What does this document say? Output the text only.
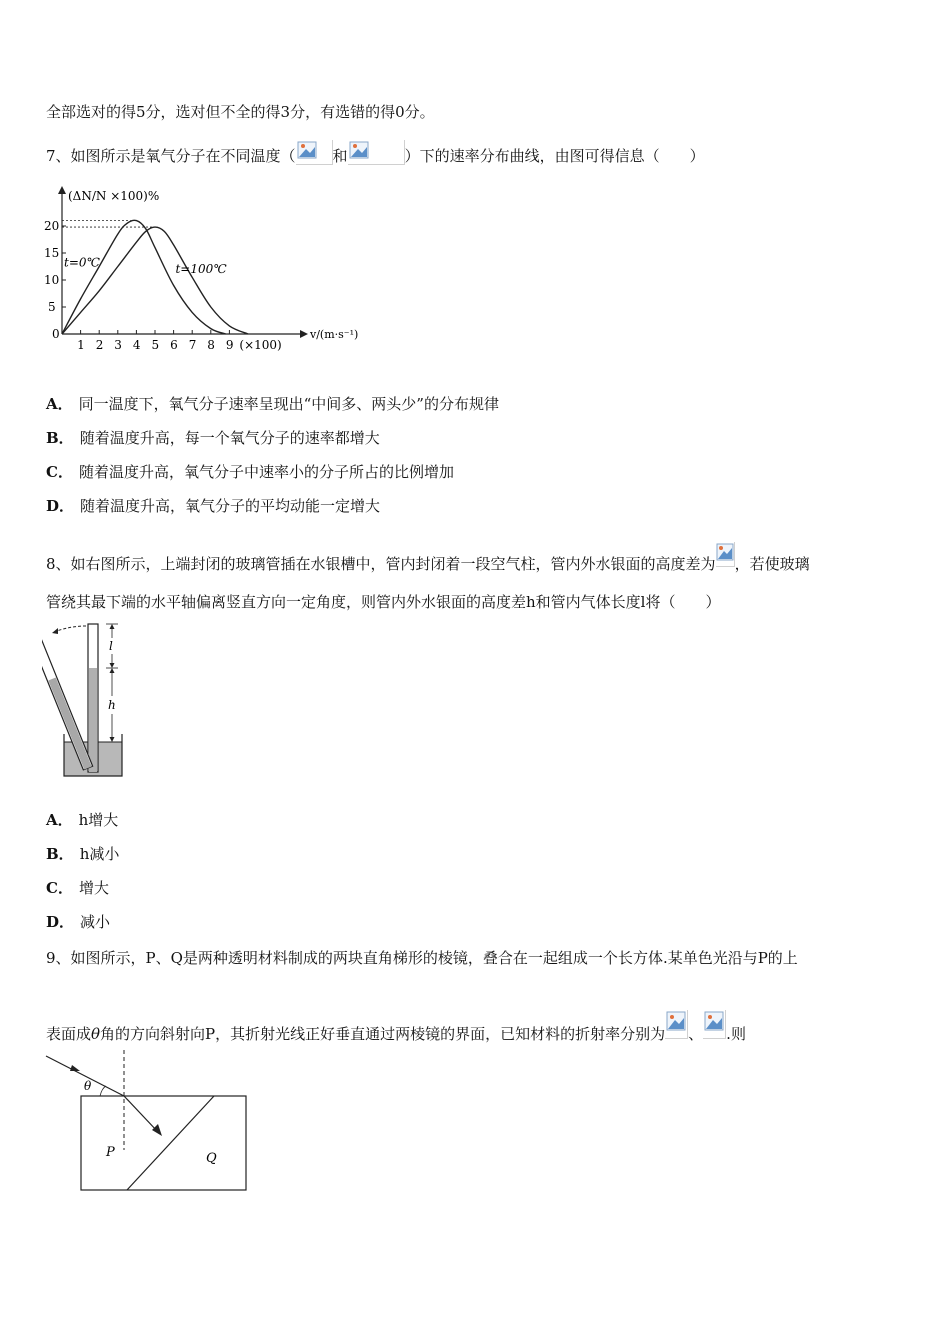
全部选对的得5分，选对但不全的得3分，有选错的得0分。
7、如图所示是氧气分子在不同温度（ 和	）下的速率分布曲线，由图可得信息（　　）
5
10
15
20
0
1 2 3 4 5 6 7 8 9 (×100)
v/(m·s⁻¹)
(ΔN/N ×100)%
t=0℃	t=100℃
A． 同一温度下，氧气分子速率呈现出“中间多、两头少”的分布规律
B． 随着温度升高，每一个氧气分子的速率都增大
C． 随着温度升高，氧气分子中速率小的分子所占的比例增加
D． 随着温度升高，氧气分子的平均动能一定增大
8、如右图所示，上端封闭的玻璃管插在水银槽中，管内封闭着一段空气柱，管内外水银面的高度差为 ，若使玻璃
管绕其最下端的水平轴偏离竖直方向一定角度，则管内外水银面的高度差h和管内气体长度l将（　　）
l
h
A． h增大
B． h减小
C． 增大
D． 减小
9、如图所示，P、Q是两种透明材料制成的两块直角梯形的棱镜，叠合在一起组成一个长方体.某单色光沿与P的上
表面成θ角的方向斜射向P，其折射光线正好垂直通过两棱镜的界面，已知材料的折射率分别为 、 .则
θ
P	Q
